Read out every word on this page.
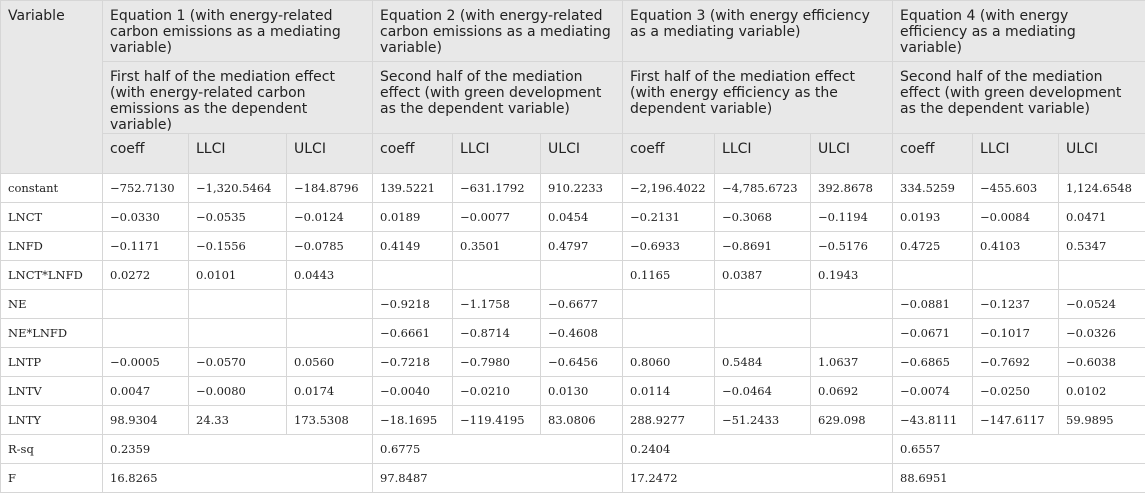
Variable	Equation 1 (with energy-related carbon emissions as a mediating variable)			Equation 2 (with energy-related carbon emissions as a mediating variable)			Equation 3 (with energy efficiency as a mediating variable)			Equation 4 (with energy efficiency as a mediating variable)		
	First half of the mediation effect (with energy-related carbon emissions as the dependent variable)			Second half of the mediation effect (with green development as the dependent variable)			First half of the mediation effect (with energy efficiency as the dependent variable)			Second half of the mediation effect (with green development as the dependent variable)		
	coeff	LLCI	ULCI	coeff	LLCI	ULCI	coeff	LLCI	ULCI	coeff	LLCI	ULCI
constant	−752.7130	−1,320.5464	−184.8796	139.5221	−631.1792	910.2233	−2,196.4022	−4,785.6723	392.8678	334.5259	−455.603	1,124.6548
LNCT	−0.0330	−0.0535	−0.0124	0.0189	−0.0077	0.0454	−0.2131	−0.3068	−0.1194	0.0193	−0.0084	0.0471
LNFD	−0.1171	−0.1556	−0.0785	0.4149	0.3501	0.4797	−0.6933	−0.8691	−0.5176	0.4725	0.4103	0.5347
LNCT*LNFD	0.0272	0.0101	0.0443				0.1165	0.0387	0.1943			
NE				−0.9218	−1.1758	−0.6677				−0.0881	−0.1237	−0.0524
NE*LNFD				−0.6661	−0.8714	−0.4608				−0.0671	−0.1017	−0.0326
LNTP	−0.0005	−0.0570	0.0560	−0.7218	−0.7980	−0.6456	0.8060	0.5484	1.0637	−0.6865	−0.7692	−0.6038
LNTV	0.0047	−0.0080	0.0174	−0.0040	−0.0210	0.0130	0.0114	−0.0464	0.0692	−0.0074	−0.0250	0.0102
LNTY	98.9304	24.33	173.5308	−18.1695	−119.4195	83.0806	288.9277	−51.2433	629.098	−43.8111	−147.6117	59.9895
R-sq	0.2359			0.6775			0.2404			0.6557		
F	16.8265			97.8487			17.2472			88.6951		
